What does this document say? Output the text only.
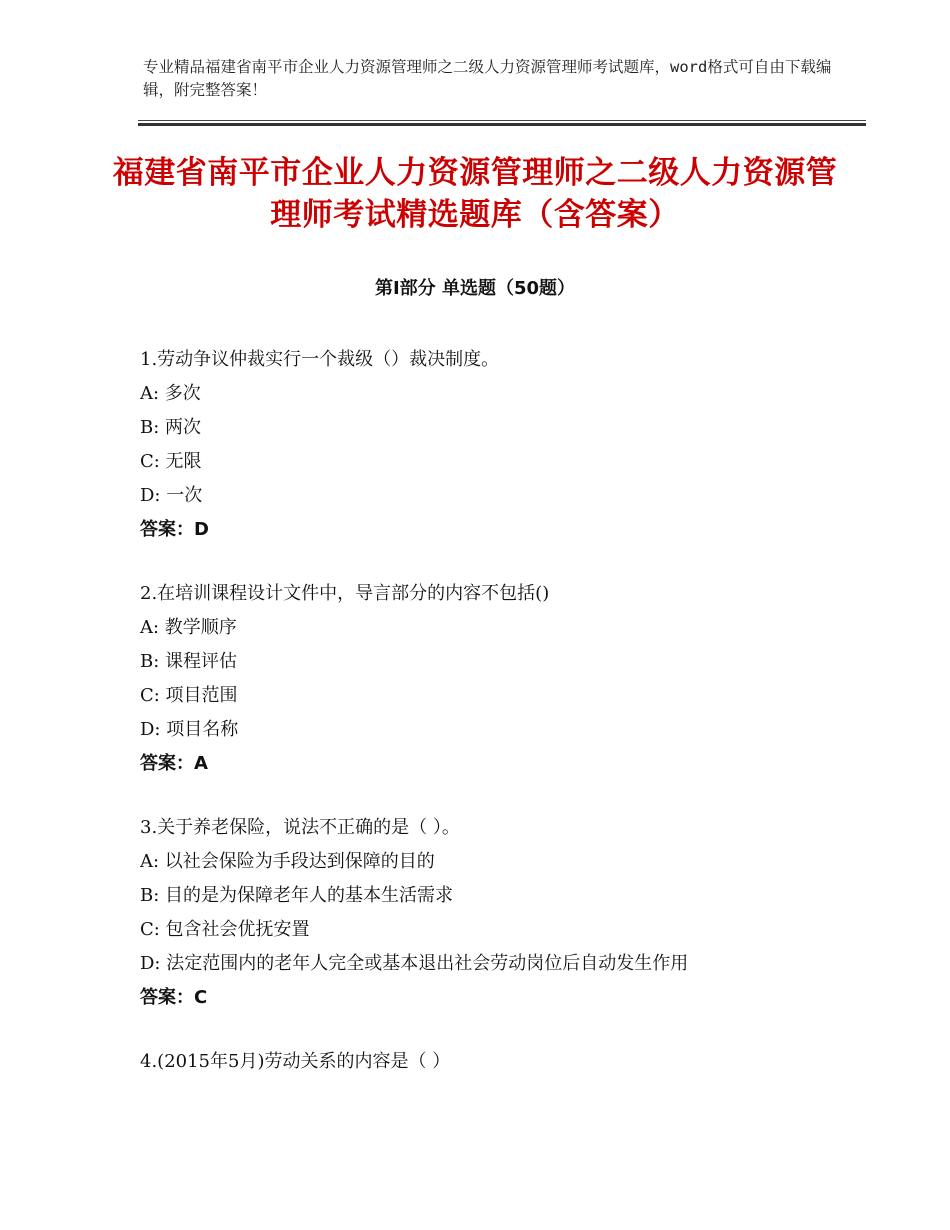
专业精品福建省南平市企业人力资源管理师之二级人力资源管理师考试题库，word格式可自由下载编辑，附完整答案！
福建省南平市企业人力资源管理师之二级人力资源管理师考试精选题库（含答案）
第Ⅰ部分 单选题（50题）
1.劳动争议仲裁实行一个裁级（）裁决制度。
A: 多次
B: 两次
C: 无限
D: 一次
答案：D
2.在培训课程设计文件中，导言部分的内容不包括()
A: 教学顺序
B: 课程评估
C: 项目范围
D: 项目名称
答案：A
3.关于养老保险，说法不正确的是（ ）。
A: 以社会保险为手段达到保障的目的
B: 目的是为保障老年人的基本生活需求
C: 包含社会优抚安置
D: 法定范围内的老年人完全或基本退出社会劳动岗位后自动发生作用
答案：C
4.(2015年5月)劳动关系的内容是（ ）
